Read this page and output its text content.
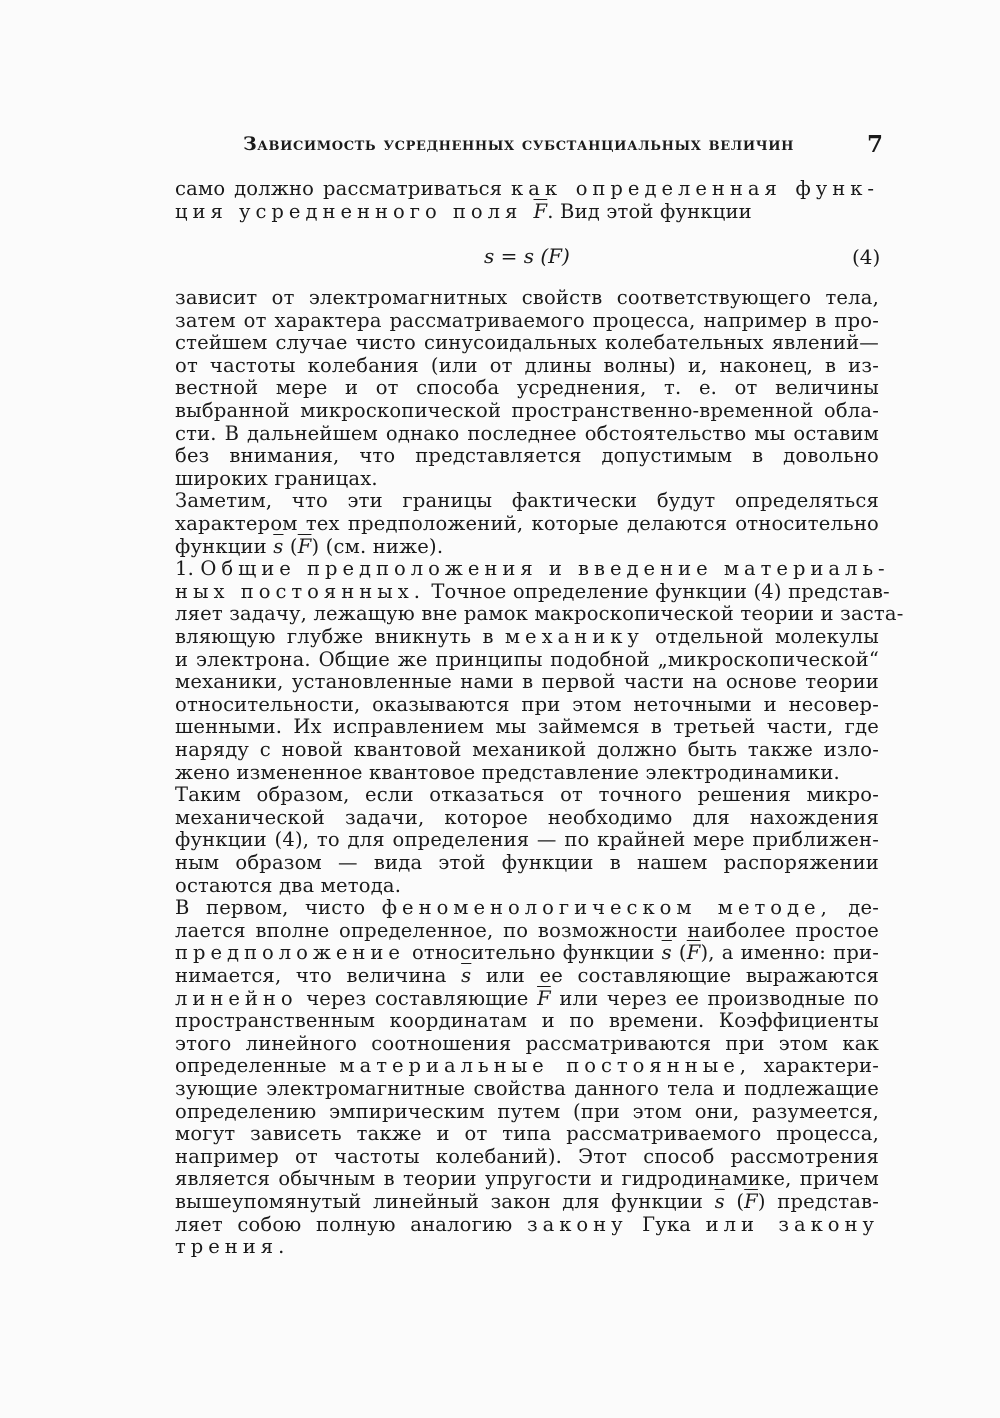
Зависимость усредненных субстанциальных величин	7
s = s (F)	(4)
само должно рассматриваться как определенная функ-
ция усредненного поля $\overline{F}$. Вид этой функции
зависит от электромагнитных свойств соответствующего тела,
затем от характера рассматриваемого процесса, например в про-
стейшем случае чисто синусоидальных колебательных явлений—
от частоты колебания (или от длины волны) и, наконец, в из-
вестной мере и от способа усреднения, т. е. от величины
выбранной микроскопической пространственно-временной обла-
сти. В дальнейшем однако последнее обстоятельство мы оставим
без внимания, что представляется допустимым в довольно
широких границах.
Заметим, что эти границы фактически будут определяться
характером тех предположений, которые делаются относительно
функции $\overline{s}$ $(\overline{F})$ (см. ниже).
1. Общие предположения и введение материаль-
ных постоянных. Точное определение функции (4) представ-
ляет задачу, лежащую вне рамок макроскопической теории и заста-
вляющую глубже вникнуть в механику отдельной молекулы
и электрона. Общие же принципы подобной „микроскопической“
механики, установленные нами в первой части на основе теории
относительности, оказываются при этом неточными и несовер-
шенными. Их исправлением мы займемся в третьей части, где
наряду с новой квантовой механикой должно быть также изло-
жено измененное квантовое представление электродинамики.
Таким образом, если отказаться от точного решения микро-
механической задачи, которое необходимо для нахождения
функции (4), то для определения — по крайней мере приближен-
ным образом — вида этой функции в нашем распоряжении
остаются два метода.
В первом, чисто феноменологическом методе, де-
лается вполне определенное, по возможности наиболее простое
предположение относительно функции $\overline{s}$ $(\overline{F})$, а именно: при-
нимается, что величина $\overline{s}$ или ее составляющие выражаются
линейно через составляющие $\overline{F}$ или через ее производные по
пространственным координатам и по времени. Коэффициенты
этого линейного соотношения рассматриваются при этом как
определенные материальные постоянные, характери-
зующие электромагнитные свойства данного тела и подлежащие
определению эмпирическим путем (при этом они, разумеется,
могут зависеть также и от типа рассматриваемого процесса,
например от частоты колебаний). Этот способ рассмотрения
является обычным в теории упругости и гидродинамике, причем
вышеупомянутый линейный закон для функции $\overline{s}$ $(\overline{F})$ представ-
ляет собою полную аналогию закону Гука или закону
трения.
